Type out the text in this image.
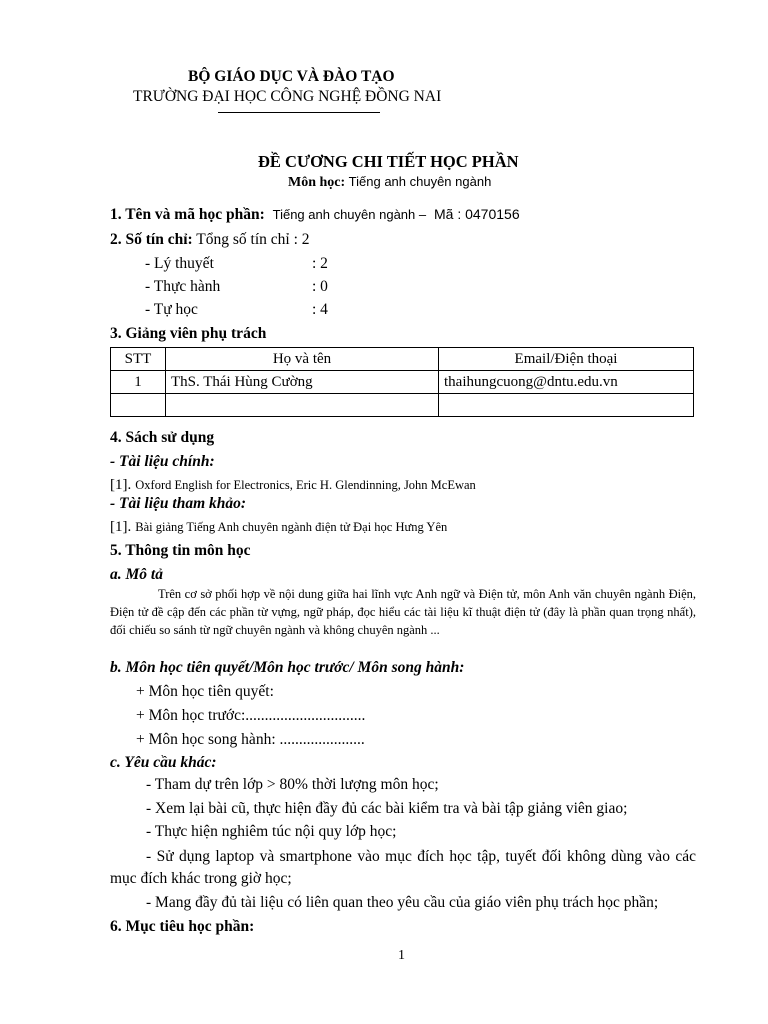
BỘ GIÁO DỤC VÀ ĐÀO TẠO
TRƯỜNG ĐẠI HỌC CÔNG NGHỆ ĐỒNG NAI
ĐỀ CƯƠNG CHI TIẾT HỌC PHẦN
Môn học: Tiếng anh chuyên ngành
1. Tên và mã học phần: Tiếng anh chuyên ngành – Mã : 0470156
2. Số tín chỉ: Tổng số tín chỉ : 2
- Lý thuyết	: 2
- Thực hành	: 0
- Tự học	: 4
3. Giảng viên phụ trách
STT	Họ và tên	Email/Điện thoại
1	ThS. Thái Hùng Cường	thaihungcuong@dntu.edu.vn

4. Sách sử dụng
- Tài liệu chính:
[1]. Oxford English for Electronics, Eric H. Glendinning, John McEwan
- Tài liệu tham khảo:
[1]. Bài giảng Tiếng Anh chuyên ngành điện tử Đại học Hưng Yên
5. Thông tin môn học
a. Mô tả
Trên cơ sở phối hợp về nội dung giữa hai lĩnh vực Anh ngữ và Điện tử, môn Anh văn chuyên ngành Điện, Điện tử đề cập đến các phần từ vựng, ngữ pháp, đọc hiểu các tài liệu kĩ thuật điện tử (đây là phần quan trọng nhất), đối chiếu so sánh từ ngữ chuyên ngành và không chuyên ngành ...
b. Môn học tiên quyết/Môn học trước/ Môn song hành:
+ Môn học tiên quyết:
+ Môn học trước:...............................
+ Môn học song hành: ......................
c. Yêu cầu khác:
- Tham dự trên lớp > 80% thời lượng môn học;
- Xem lại bài cũ, thực hiện đầy đủ các bài kiểm tra và bài tập giảng viên giao;
- Thực hiện nghiêm túc nội quy lớp học;
- Sử dụng laptop và smartphone vào mục đích học tập, tuyết đối không dùng vào các mục đích khác trong giờ học;
- Mang đầy đủ tài liệu có liên quan theo yêu cầu của giáo viên phụ trách học phần;
6. Mục tiêu học phần:
1
